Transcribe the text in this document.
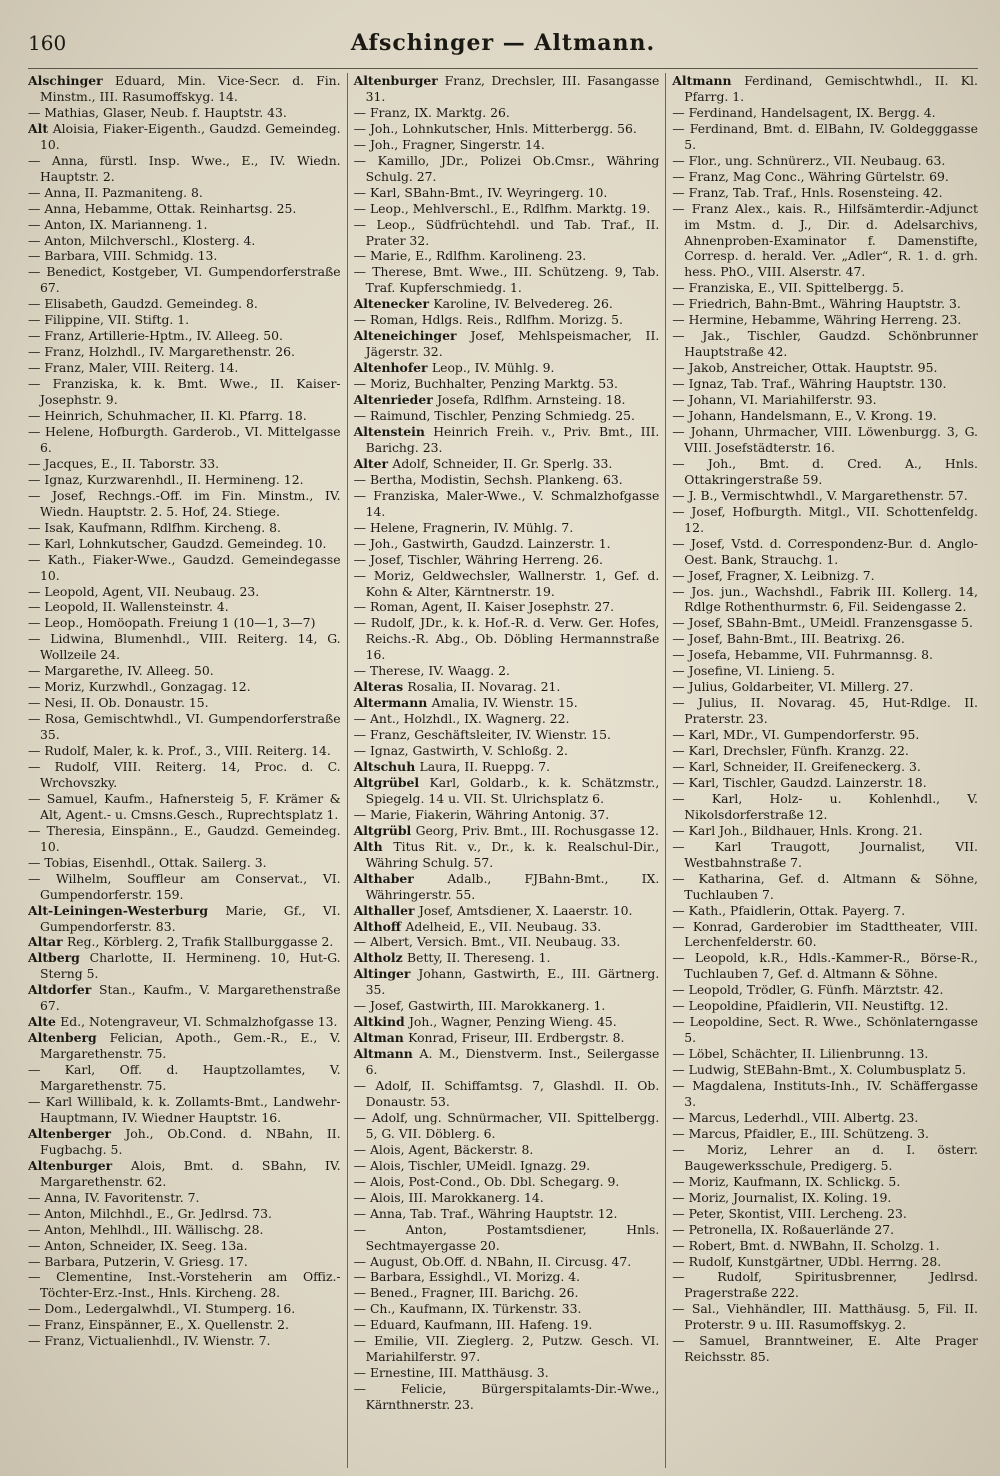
160	Afschinger — Altmann.
Alschinger Eduard, Min. Vice-Secr. d. Fin. Minstm., III. Rasumoffskyg. 14.
— Mathias, Glaser, Neub. f. Hauptstr. 43.
Alt Aloisia, Fiaker-Eigenth., Gaudzd. Gemeindeg. 10.
— Anna, fürstl. Insp. Wwe., E., IV. Wiedn. Hauptstr. 2.
— Anna, II. Pazmaniteng. 8.
— Anna, Hebamme, Ottak. Reinhartsg. 25.
— Anton, IX. Marianneng. 1.
— Anton, Milchverschl., Klosterg. 4.
— Barbara, VIII. Schmidg. 13.
— Benedict, Kostgeber, VI. Gumpendorferstraße 67.
— Elisabeth, Gaudzd. Gemeindeg. 8.
— Filippine, VII. Stiftg. 1.
— Franz, Artillerie-Hptm., IV. Alleeg. 50.
— Franz, Holzhdl., IV. Margarethenstr. 26.
— Franz, Maler, VIII. Reiterg. 14.
— Franziska, k. k. Bmt. Wwe., II. Kaiser-Josephstr. 9.
— Heinrich, Schuhmacher, II. Kl. Pfarrg. 18.
— Helene, Hofburgth. Garderob., VI. Mittelgasse 6.
— Jacques, E., II. Taborstr. 33.
— Ignaz, Kurzwarenhdl., II. Hermineng. 12.
— Josef, Rechngs.-Off. im Fin. Minstm., IV. Wiedn. Hauptstr. 2. 5. Hof, 24. Stiege.
— Isak, Kaufmann, Rdlfhm. Kircheng. 8.
— Karl, Lohnkutscher, Gaudzd. Gemeindeg. 10.
— Kath., Fiaker-Wwe., Gaudzd. Gemeindegasse 10.
— Leopold, Agent, VII. Neubaug. 23.
— Leopold, II. Wallensteinstr. 4.
— Leop., Homöopath. Freiung 1 (10—1, 3—7)
— Lidwina, Blumenhdl., VIII. Reiterg. 14, G. Wollzeile 24.
— Margarethe, IV. Alleeg. 50.
— Moriz, Kurzwhdl., Gonzagag. 12.
— Nesi, II. Ob. Donaustr. 15.
— Rosa, Gemischtwhdl., VI. Gumpendorferstraße 35.
— Rudolf, Maler, k. k. Prof., 3., VIII. Reiterg. 14.
— Rudolf, VIII. Reiterg. 14, Proc. d. C. Wrchovszky.
— Samuel, Kaufm., Hafnersteig 5, F. Krämer & Alt, Agent.- u. Cmsns.Gesch., Ruprechtsplatz 1.
— Theresia, Einspänn., E., Gaudzd. Gemeindeg. 10.
— Tobias, Eisenhdl., Ottak. Sailerg. 3.
— Wilhelm, Souffleur am Conservat., VI. Gumpendorferstr. 159.
Alt-Leiningen-Westerburg Marie, Gf., VI. Gumpendorferstr. 83.
Altar Reg., Körblerg. 2, Trafik Stallburggasse 2.
Altberg Charlotte, II. Hermineng. 10, Hut-G. Sterng 5.
Altdorfer Stan., Kaufm., V. Margarethenstraße 67.
Alte Ed., Notengraveur, VI. Schmalzhofgasse 13.
Altenberg Felician, Apoth., Gem.-R., E., V. Margarethenstr. 75.
— Karl, Off. d. Hauptzollamtes, V. Margarethenstr. 75.
— Karl Willibald, k. k. Zollamts-Bmt., Landwehr-Hauptmann, IV. Wiedner Hauptstr. 16.
Altenberger Joh., Ob.Cond. d. NBahn, II. Fugbachg. 5.
Altenburger Alois, Bmt. d. SBahn, IV. Margarethenstr. 62.
— Anna, IV. Favoritenstr. 7.
— Anton, Milchhdl., E., Gr. Jedlrsd. 73.
— Anton, Mehlhdl., III. Wällischg. 28.
— Anton, Schneider, IX. Seeg. 13a.
— Barbara, Putzerin, V. Griesg. 17.
— Clementine, Inst.-Vorsteherin am Offiz.-Töchter-Erz.-Inst., Hnls. Kircheng. 28.
— Dom., Ledergalwhdl., VI. Stumperg. 16.
— Franz, Einspänner, E., X. Quellenstr. 2.
— Franz, Victualienhdl., IV. Wienstr. 7.
Altenburger Franz, Drechsler, III. Fasangasse 31.
— Franz, IX. Marktg. 26.
— Joh., Lohnkutscher, Hnls. Mitterbergg. 56.
— Joh., Fragner, Singerstr. 14.
— Kamillo, JDr., Polizei Ob.Cmsr., Währing Schulg. 27.
— Karl, SBahn-Bmt., IV. Weyringerg. 10.
— Leop., Mehlverschl., E., Rdlfhm. Marktg. 19.
— Leop., Südfrüchtehdl. und Tab. Traf., II. Prater 32.
— Marie, E., Rdlfhm. Karolineng. 23.
— Therese, Bmt. Wwe., III. Schützeng. 9, Tab. Traf. Kupferschmiedg. 1.
Altenecker Karoline, IV. Belvedereg. 26.
— Roman, Hdlgs. Reis., Rdlfhm. Morizg. 5.
Alteneichinger Josef, Mehlspeismacher, II. Jägerstr. 32.
Altenhofer Leop., IV. Mühlg. 9.
— Moriz, Buchhalter, Penzing Marktg. 53.
Altenrieder Josefa, Rdlfhm. Arnsteing. 18.
— Raimund, Tischler, Penzing Schmiedg. 25.
Altenstein Heinrich Freih. v., Priv. Bmt., III. Barichg. 23.
Alter Adolf, Schneider, II. Gr. Sperlg. 33.
— Bertha, Modistin, Sechsh. Plankeng. 63.
— Franziska, Maler-Wwe., V. Schmalzhofgasse 14.
— Helene, Fragnerin, IV. Mühlg. 7.
— Joh., Gastwirth, Gaudzd. Lainzerstr. 1.
— Josef, Tischler, Währing Herreng. 26.
— Moriz, Geldwechsler, Wallnerstr. 1, Gef. d. Kohn & Alter, Kärntnerstr. 19.
— Roman, Agent, II. Kaiser Josephstr. 27.
— Rudolf, JDr., k. k. Hof.-R. d. Verw. Ger. Hofes, Reichs.-R. Abg., Ob. Döbling Hermannstraße 16.
— Therese, IV. Waagg. 2.
Alteras Rosalia, II. Novarag. 21.
Altermann Amalia, IV. Wienstr. 15.
— Ant., Holzhdl., IX. Wagnerg. 22.
— Franz, Geschäftsleiter, IV. Wienstr. 15.
— Ignaz, Gastwirth, V. Schloßg. 2.
Altschuh Laura, II. Rueppg. 7.
Altgrübel Karl, Goldarb., k. k. Schätzmstr., Spiegelg. 14 u. VII. St. Ulrichsplatz 6.
— Marie, Fiakerin, Währing Antonig. 37.
Altgrübl Georg, Priv. Bmt., III. Rochusgasse 12.
Alth Titus Rit. v., Dr., k. k. Realschul-Dir., Währing Schulg. 57.
Althaber	Adalb., FJBahn-Bmt., IX. Währingerstr. 55.
Althaller Josef, Amtsdiener, X. Laaerstr. 10.
Althoff Adelheid, E., VII. Neubaug. 33.
— Albert, Versich. Bmt., VII. Neubaug. 33.
Altholz Betty, II. Thereseng. 1.
Altinger Johann, Gastwirth, E., III. Gärtnerg. 35.
— Josef, Gastwirth, III. Marokkanerg. 1.
Altkind Joh., Wagner, Penzing Wieng. 45.
Altman Konrad, Friseur, III. Erdbergstr. 8.
Altmann A. M., Dienstverm. Inst., Seilergasse 6.
— Adolf, II. Schiffamtsg. 7, Glashdl. II. Ob. Donaustr. 53.
— Adolf, ung. Schnürmacher, VII. Spittelbergg. 5, G. VII. Döblerg. 6.
— Alois, Agent, Bäckerstr. 8.
— Alois, Tischler, UMeidl. Ignazg. 29.
— Alois, Post-Cond., Ob. Dbl. Schegarg. 9.
— Alois, III. Marokkanerg. 14.
— Anna, Tab. Traf., Währing Hauptstr. 12.
— Anton, Postamtsdiener, Hnls. Sechtmayergasse 20.
— August, Ob.Off. d. NBahn, II. Circusg. 47.
— Barbara, Essighdl., VI. Morizg. 4.
— Bened., Fragner, III. Barichg. 26.
— Ch., Kaufmann, IX. Türkenstr. 33.
— Eduard, Kaufmann, III. Hafeng. 19.
— Emilie, VII. Zieglerg. 2, Putzw. Gesch. VI. Mariahilferstr. 97.
— Ernestine, III. Matthäusg. 3.
— Felicie, Bürgerspitalamts-Dir.-Wwe., Kärnthnerstr. 23.
Altmann Ferdinand, Gemischtwhdl., II. Kl. Pfarrg. 1.
— Ferdinand, Handelsagent, IX. Bergg. 4.
— Ferdinand, Bmt. d. ElBahn, IV. Goldegggasse 5.
— Flor., ung. Schnürerz., VII. Neubaug. 63.
— Franz, Mag Conc., Währing Gürtelstr. 69.
— Franz, Tab. Traf., Hnls. Rosensteing. 42.
— Franz Alex., kais. R., Hilfsämterdir.-Adjunct im Mstm. d. J., Dir. d. Adelsarchivs, Ahnenproben-Examinator f. Damenstifte, Corresp. d. herald. Ver. „Adler“, R. 1. d. grh. hess. PhO., VIII. Alserstr. 47.
— Franziska, E., VII. Spittelbergg. 5.
— Friedrich, Bahn-Bmt., Währing Hauptstr. 3.
— Hermine, Hebamme, Währing Herreng. 23.
— Jak., Tischler, Gaudzd. Schönbrunner Hauptstraße 42.
— Jakob, Anstreicher, Ottak. Hauptstr. 95.
— Ignaz, Tab. Traf., Währing Hauptstr. 130.
— Johann, VI. Mariahilferstr. 93.
— Johann, Handelsmann, E., V. Krong. 19.
— Johann, Uhrmacher, VIII. Löwenburgg. 3, G. VIII. Josefstädterstr. 16.
— Joh., Bmt. d. Cred. A., Hnls. Ottakringerstraße 59.
— J. B., Vermischtwhdl., V. Margarethenstr. 57.
— Josef, Hofburgth. Mitgl., VII. Schottenfeldg. 12.
— Josef, Vstd. d. Correspondenz-Bur. d. Anglo-Oest. Bank, Strauchg. 1.
— Josef, Fragner, X. Leibnizg. 7.
— Jos. jun., Wachshdl., Fabrik III. Kollerg. 14, Rdlge Rothenthurmstr. 6, Fil. Seidengasse 2.
— Josef, SBahn-Bmt., UMeidl. Franzensgasse 5.
— Josef, Bahn-Bmt., III. Beatrixg. 26.
— Josefa, Hebamme, VII. Fuhrmannsg. 8.
— Josefine, VI. Linieng. 5.
— Julius, Goldarbeiter, VI. Millerg. 27.
— Julius, II. Novarag. 45, Hut-Rdlge. II. Praterstr. 23.
— Karl, MDr., VI. Gumpendorferstr. 95.
— Karl, Drechsler, Fünfh. Kranzg. 22.
— Karl, Schneider, II. Greifeneckerg. 3.
— Karl, Tischler, Gaudzd. Lainzerstr. 18.
— Karl, Holz- u. Kohlenhdl., V. Nikolsdorferstraße 12.
— Karl Joh., Bildhauer, Hnls. Krong. 21.
— Karl Traugott, Journalist, VII. Westbahnstraße 7.
— Katharina, Gef. d. Altmann & Söhne, Tuchlauben 7.
— Kath., Pfaidlerin, Ottak. Payerg. 7.
— Konrad, Garderobier im Stadttheater, VIII. Lerchenfelderstr. 60.
— Leopold, k.R., Hdls.-Kammer-R., Börse-R., Tuchlauben 7, Gef. d. Altmann & Söhne.
— Leopold, Trödler, G. Fünfh. Märztstr. 42.
— Leopoldine, Pfaidlerin, VII. Neustiftg. 12.
— Leopoldine, Sect. R. Wwe., Schönlaterngasse 5.
— Löbel, Schächter, II. Lilienbrunng. 13.
— Ludwig, StEBahn-Bmt., X. Columbusplatz 5.
— Magdalena, Instituts-Inh., IV. Schäffergasse 3.
— Marcus, Lederhdl., VIII. Albertg. 23.
— Marcus, Pfaidler, E., III. Schützeng. 3.
— Moriz, Lehrer an d. I. österr. Baugewerksschule, Predigerg. 5.
— Moriz, Kaufmann, IX. Schlickg. 5.
— Moriz, Journalist, IX. Koling. 19.
— Peter, Skontist, VIII. Lercheng. 23.
— Petronella, IX. Roßauerlände 27.
— Robert, Bmt. d. NWBahn, II. Scholzg. 1.
— Rudolf, Kunstgärtner, UDbl. Herrng. 28.
— Rudolf, Spiritusbrenner, Jedlrsd. Pragerstraße 222.
— Sal., Viehhändler, III. Matthäusg. 5, Fil. II. Proterstr. 9 u. III. Rasumoffskyg. 2.
— Samuel, Branntweiner, E. Alte Prager Reichsstr. 85.
